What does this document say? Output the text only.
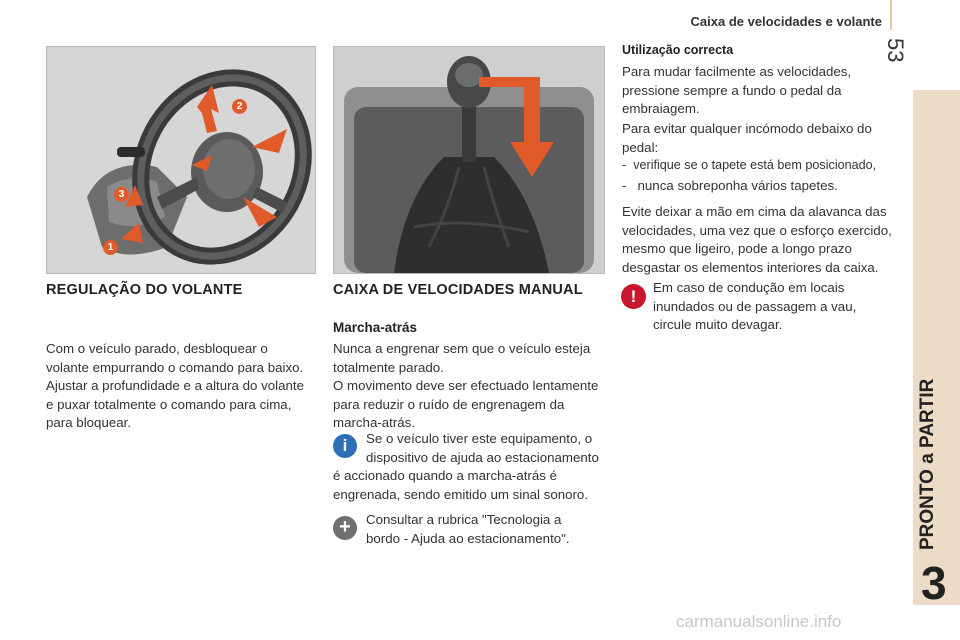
Caixa de velocidades e volante
53
PRONTO a PARTIR
3
2
3
1
REGULAÇÃO DO VOLANTE
Com o veículo parado, desbloquear o
volante empurrando o comando para baixo.
Ajustar a profundidade e a altura do volante
e puxar totalmente o comando para cima,
para bloquear.
CAIXA DE VELOCIDADES MANUAL
Marcha-atrás
Nunca a engrenar sem que o veículo esteja
totalmente parado.
O movimento deve ser efectuado lentamente
para reduzir o ruído de engrenagem da
marcha-atrás.
i	Se o veículo tiver este equipamento, o
dispositivo de ajuda ao estacionamento
é accionado quando a marcha-atrás é
engrenada, sendo emitido um sinal sonoro.
+	Consultar a rubrica "Tecnologia a
bordo - Ajuda ao estacionamento".
Utilização correcta
Para mudar facilmente as velocidades,
pressione sempre a fundo o pedal da
embraiagem.
Para evitar qualquer incómodo debaixo do
pedal:
-  verifique se o tapete está bem posicionado,
-   nunca sobreponha vários tapetes.
Evite deixar a mão em cima da alavanca das
velocidades, uma vez que o esforço exercido,
mesmo que ligeiro, pode a longo prazo
desgastar os elementos interiores da caixa.
!	Em caso de condução em locais
inundados ou de passagem a vau,
circule muito devagar.
carmanualsonline.info
